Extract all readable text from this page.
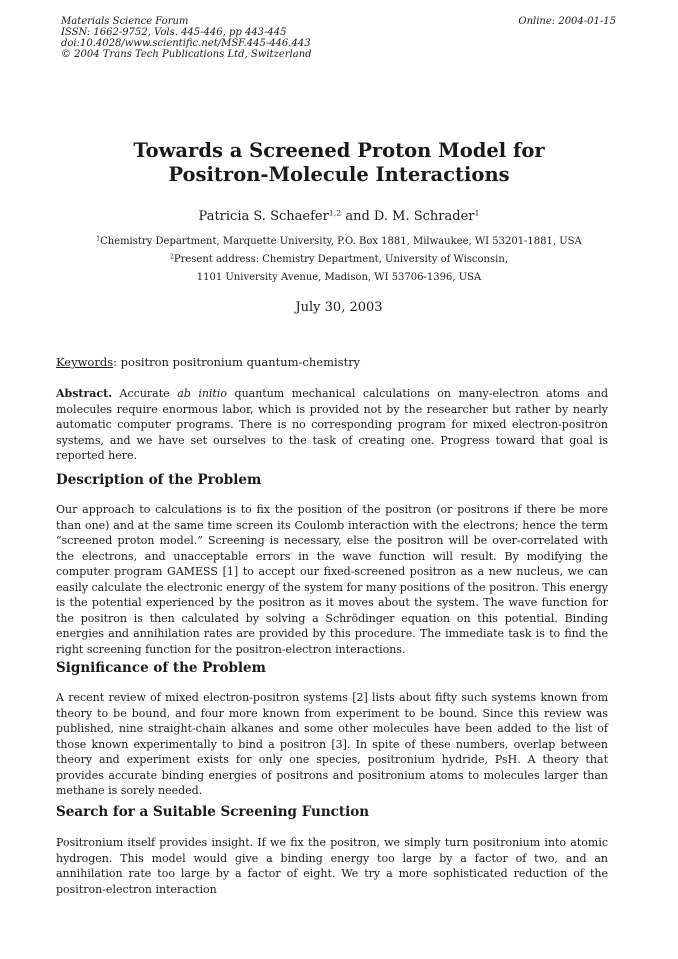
Materials Science Forum
ISSN: 1662-9752, Vols. 445-446, pp 443-445
doi:10.4028/www.scientific.net/MSF.445-446.443
© 2004 Trans Tech Publications Ltd, Switzerland
Online: 2004-01-15
Towards a Screened Proton Model for
Positron-Molecule Interactions
Patricia S. Schaefer$^{1,2}$ and D. M. Schrader$^1$
$^1$Chemistry Department, Marquette University, P.O. Box 1881, Milwaukee, WI 53201-1881, USA
$^2$Present address: Chemistry Department, University of Wisconsin,
1101 University Avenue, Madison, WI 53706-1396, USA
July 30, 2003
Keywords: positron positronium quantum-chemistry
Abstract. Accurate ab initio quantum mechanical calculations on many-electron atoms and molecules require enormous labor, which is provided not by the researcher but rather by nearly automatic computer programs. There is no corresponding program for mixed electron-positron systems, and we have set ourselves to the task of creating one. Progress toward that goal is reported here.
Description of the Problem
Our approach to calculations is to fix the position of the positron (or positrons if there be more than one) and at the same time screen its Coulomb interaction with the electrons; hence the term “screened proton model.” Screening is necessary, else the positron will be over-correlated with the electrons, and unacceptable errors in the wave function will result. By modifying the computer program GAMESS [1] to accept our fixed-screened positron as a new nucleus, we can easily calculate the electronic energy of the system for many positions of the positron. This energy is the potential experienced by the positron as it moves about the system. The wave function for the positron is then calculated by solving a Schrödinger equation on this potential. Binding energies and annihilation rates are provided by this procedure. The immediate task is to find the right screening function for the positron-electron interactions.
Significance of the Problem
A recent review of mixed electron-positron systems [2] lists about fifty such systems known from theory to be bound, and four more known from experiment to be bound. Since this review was published, nine straight-chain alkanes and some other molecules have been added to the list of those known experimentally to bind a positron [3]. In spite of these numbers, overlap between theory and experiment exists for only one species, positronium hydride, PsH. A theory that provides accurate binding energies of positrons and positronium atoms to molecules larger than methane is sorely needed.
Search for a Suitable Screening Function
Positronium itself provides insight. If we fix the positron, we simply turn positronium into atomic hydrogen. This model would give a binding energy too large by a factor of two, and an annihilation rate too large by a factor of eight. We try a more sophisticated reduction of the positron-electron interaction
